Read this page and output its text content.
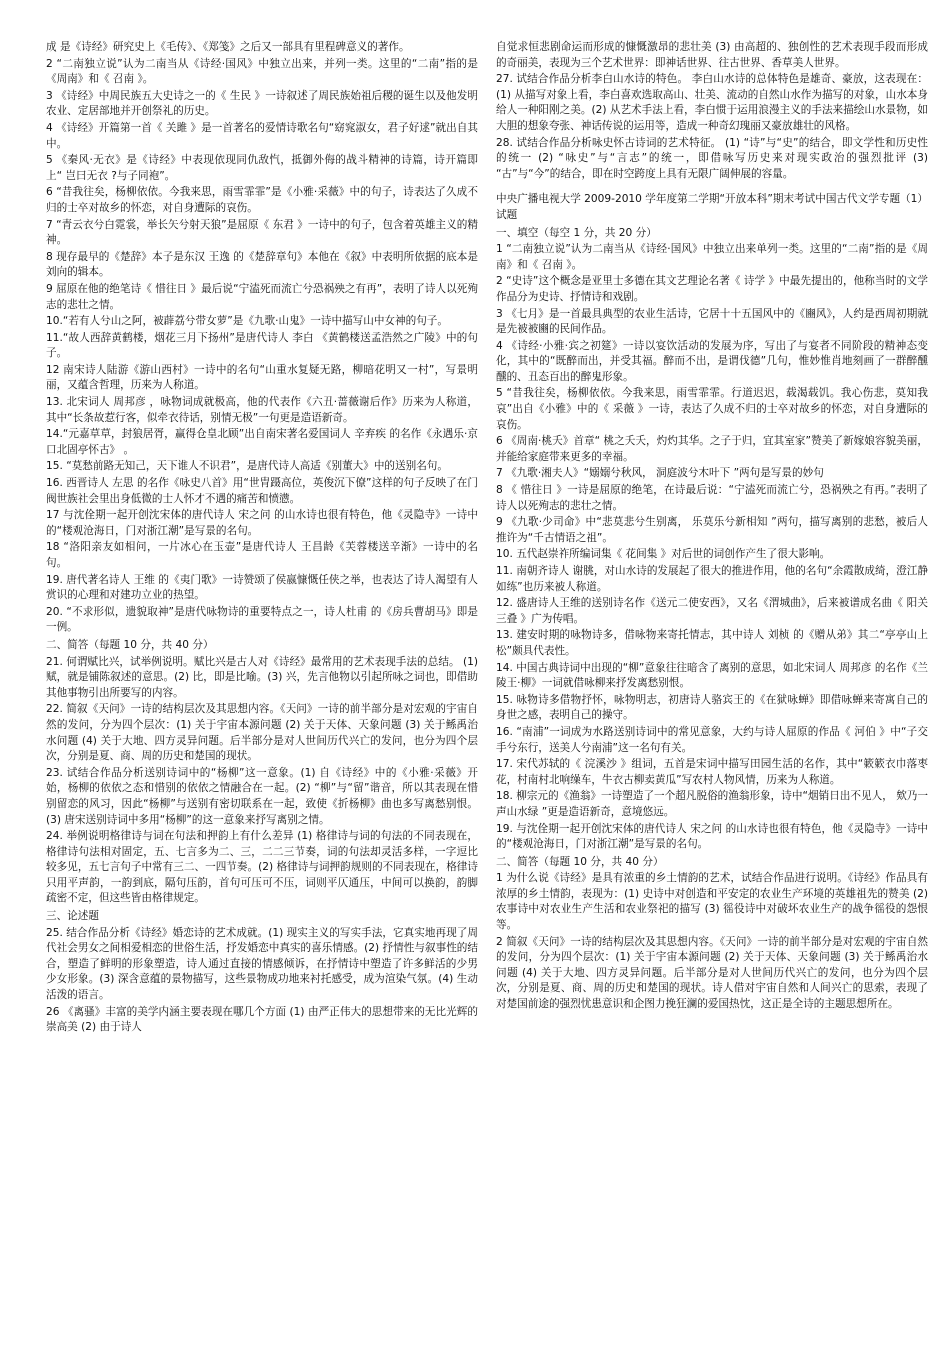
成 是《诗经》研究史上《毛传》、《郑笺》之后又一部具有里程碑意义的著作。

2 “二南独立说”认为二南当从《诗经·国风》中独立出来，并列一类。这里的“二南”指的是《周南》和《 召南 》。

3 《诗经》中周民族五大史诗之一的《 生民 》一诗叙述了周民族始祖后稷的诞生以及他发明农业、定居部地并开创祭礼的历史。

4 《诗经》开篇第一首《 关雎 》是一首著名的爱情诗歌名句“窈窕淑女，君子好逑”就出自其中。

5 《秦风·无衣》是《诗经》中表现依现同仇敌忾，抵御外侮的战斗精神的诗篇，诗开篇即上“ 岂曰无衣 ?与子同袍”。

6 “昔我往矣，杨柳依依。今我来思，雨雪霏霏”是《小雅·采薇》中的句子，诗表达了久成不归的士卒对故乡的怀恋，对自身遭际的哀伤。

7 “青云衣兮白霓裳，举长矢兮射天狼”是屈原《 东君 》一诗中的句子，包含着英雄主义的精神。

8 现存最早的《楚辞》本子是东汉 王逸 的《楚辞章句》本他在《叙》中表明所依据的底本是刘向的辑本。

9 屈原在他的绝笔诗《 惜往日 》最后说“宁溘死而流亡兮恐祸殃之有再”，表明了诗人以死殉志的悲壮之情。

10.“若有人兮山之阿，被薜荔兮带女萝”是《九歌·山鬼》一诗中描写山中女神的句子。

11.“故人西辞黄鹤楼，烟花三月下扬州”是唐代诗人 李白 《黄鹤楼送孟浩然之广陵》中的句子。

12 南宋诗人陆游《游山西村》一诗中的名句“山重水复疑无路，柳暗花明又一村”，写景明丽，又蕴含哲理，历来为人称道。

13. 北宋词人 周邦彦 ，咏物词成就极高，他的代表作《六丑·蔷薇谢后作》历来为人称道，其中“长条故惹行客，似牵衣待话，别情无极”一句更是造语新奇。

14.“元嘉草草，封狼居胥，赢得仓皇北顾”出自南宋著名爱国词人 辛弃疾 的名作《永遇乐·京口北固亭怀古》 。

15. “莫愁前路无知己，天下谁人不识君”，是唐代诗人高适《别董大》中的送别名句。

16. 西晋诗人 左思 的名作《咏史八首》用“世胄蹑高位，英俊沉下僚”这样的句子反映了在门阀世族社会里出身低微的士人怀才不遇的痛苦和愤懑。

17 与沈佺期一起开创沈宋体的唐代诗人 宋之问 的山水诗也很有特色，他《灵隐寺》一诗中的“楼观沧海日，门对浙江潮”是写景的名句。

18 “洛阳亲友如相问，一片冰心在玉壶”是唐代诗人 王昌龄《芙蓉楼送辛渐》一诗中的名句。

19. 唐代著名诗人 王维 的《夷门歌》一诗赞颂了侯嬴慷慨任侠之举，也表达了诗人渴望有人赏识的心理和对建功立业的热望。

20. “不求形似，遗貌取神”是唐代咏物诗的重要特点之一，诗人杜甫 的《房兵曹胡马》即是一例。

二、简答（每题 10 分，共 40 分）

21. 何谓赋比兴，试举例说明。赋比兴是古人对《诗经》最常用的艺术表现手法的总结。 (1) 赋，就是铺陈叙述的意思。(2) 比，即是比喻。(3) 兴，先言他物以引起所咏之词也，即借助其他事物引出所要写的内容。

22. 简叙《天问》一诗的结构层次及其思想内容。《天问》一诗的前半部分是对宏观的宇宙自然的发问，分为四个层次：(1) 关于宇宙本源问题 (2) 关于天体、天象问题 (3) 关于鲧禹治水问题 (4) 关于大地、四方灵异问题。后半部分是对人世间历代兴亡的发问，也分为四个层次，分别是夏、商、周的历史和楚国的现状。

23. 试结合作品分析送别诗词中的“杨柳”这一意象。(1) 自《诗经》中的《小雅·采薇》开始，杨柳的依依之态和惜别的依依之情融合在一起。(2) “柳”与“留”谐音，所以其表现在惜别留恋的风习，因此“杨柳”与送别有密切联系在一起，致使《折杨柳》曲也多写离愁别恨。(3) 唐宋送别诗词中多用“杨柳”的这一意象来抒写离别之情。

24. 举例说明格律诗与词在句法和押韵上有什么差异 (1) 格律诗与词的句法的不同表现在，格律诗句法相对固定，五、七言多为二、三，二二三节奏，词的句法却灵活多样，一字逗比较多见，五七言句子中常有三二、一四节奏。(2) 格律诗与词押韵规则的不同表现在，格律诗只用平声韵，一韵到底，隔句压韵，首句可压可不压，词则平仄通压，中间可以换韵，韵脚疏密不定，但这些皆由格律规定。

三、论述题

25. 结合作品分析《诗经》婚恋诗的艺术成就。(1) 现实主义的写实手法，它真实地再现了周代社会男女之间相爱相恋的世俗生活，抒发婚恋中真实的喜乐情感。(2) 抒情性与叙事性的结合，塑造了鲜明的形象塑造，诗人通过直接的情感倾诉，在抒情诗中塑造了许多鲜活的少男少女形象。(3) 深含意蕴的景物描写，这些景物成功地来衬托感受，成为渲染气氛。(4) 生动活泼的语言。

26 《离骚》丰富的美学内涵主要表现在哪几个方面 (1) 由严正伟大的思想带来的无比光辉的崇高美 (2) 由于诗人

自觉求恒悲剧命运而形成的慷慨激昂的悲壮美 (3) 由高超的、独创性的艺术表现手段而形成的奇丽美，表现为三个艺术世界：即神话世界、往古世界、香草美人世界。

27. 试结合作品分析李白山水诗的特色。 李白山水诗的总体特色是雄奇、豪放，这表现在：(1) 从描写对象上看，李白喜欢选取高山、壮美、流动的自然山水作为描写的对象，山水本身给人一种阳刚之美。(2) 从艺术手法上看，李白惯于运用浪漫主义的手法来描绘山水景物，如大胆的想象夸张、神话传说的运用等，造成一种奇幻瑰丽又豪放雄壮的风格。

28. 试结合作品分析咏史怀古诗词的艺术特征。 (1) “诗”与“史”的结合，即文学性和历史性的统一 (2) “咏史”与“言志”的统一，即借咏写历史来对现实政治的强烈批评 (3) “古”与“今”的结合，即在时空跨度上具有无限广阔伸展的容量。

中央广播电视大学 2009-2010 学年度第二学期“开放本科”期末考试中国古代文学专题（1） 试题

一、填空（每空 1 分，共 20 分）

1 “二南独立说”认为二南当从《诗经·国风》中独立出来单列一类。这里的“二南”指的是《周南》和《 召南 》。

2 “史诗”这个概念是亚里士多德在其文艺理论名著《 诗学 》中最先提出的，他称当时的文学作品分为史诗、抒情诗和戏剧。

3 《七月》是一首最具典型的农业生活诗，它居十十五国风中的《豳风》，人约是西周初期就是先被被豳的民间作品。

4 《诗经·小雅·宾之初筵》一诗以宴饮活动的发展为序，写出了与宴者不同阶段的精神态变化，其中的“既醉而出，并受其福。醉而不出，是谓伐德”几句，惟妙惟肖地刻画了一群醉醺醺的、丑态百出的醉鬼形象。

5 “昔我往矣，杨柳依依。今我来思，雨雪霏霏。行道迟迟，载渴载饥。我心伤悲，莫知我哀”出自《小雅》中的《 采薇 》一诗，表达了久成不归的士卒对故乡的怀恋，对自身遭际的哀伤。

6 《周南·桃夭》首章“ 桃之夭夭，灼灼其华。之子于归，宜其室家”赞美了新嫁娘容貌美丽，并能给家庭带来更多的幸福。

7 《九歌·湘夫人》“嫋嫋兮秋风， 洞庭波兮木叶下 ”两句是写景的妙句

8 《 惜往日 》一诗是屈原的绝笔，在诗最后说：“宁溘死而流亡兮，恐祸殃之有再。”表明了诗人以死殉志的悲壮之情。

9 《九歌·少司命》中“悲莫悲兮生别离， 乐莫乐兮新相知 ”两句，描写离别的悲愁，被后人推许为“千古情语之祖”。

10. 五代赵崇祚所编词集《 花间集 》对后世的词创作产生了很大影响。

11. 南朝齐诗人 谢朓，对山水诗的发展起了很大的推进作用，他的名句“余霞散成绮，澄江静如练”也历来被人称道。

12. 盛唐诗人王维的送别诗名作《送元二使安西》，又名《渭城曲》，后来被谱成名曲《 阳关三叠 》广为传唱。

13. 建安时期的咏物诗多，借咏物来寄托情志，其中诗人 刘桢 的《赠从弟》其二“亭亭山上松”颇具代表性。

14. 中国古典诗词中出现的“柳”意象往往暗含了离别的意思，如北宋词人 周邦彦 的名作《兰陵王·柳》一词就借咏柳来抒发离愁别恨。

15. 咏物诗多借物抒怀，咏物明志，初唐诗人骆宾王的《在狱咏蝉》即借咏蝉来寄寓自己的身世之感，表明自己的操守。

16. “南浦”一词成为水路送别诗词中的常见意象，大约与诗人屈原的作品《 河伯 》中“子交手兮东行，送美人兮南浦”这一名句有关。

17. 宋代苏轼的《 浣溪沙 》组词，五首是宋词中描写田园生活的名作，其中“簌簌衣巾落枣花，村南村北响缲车，牛衣古柳卖黄瓜”写农村人物风情，历来为人称道。

18. 柳宗元的《渔翁》一诗塑造了一个超凡脱俗的渔翁形象，诗中“烟销日出不见人， 欸乃一声山水绿 ”更是造语新奇，意境悠远。

19. 与沈佺期一起开创沈宋体的唐代诗人 宋之问 的山水诗也很有特色，他《灵隐寺》一诗中的“楼观沧海日，门对浙江潮”是写景的名句。

二、简答（每题 10 分，共 40 分）

1 为什么说《诗经》是具有浓重的乡土情韵的艺术，试结合作品进行说明。《诗经》作品具有浓厚的乡土情韵，表现为：(1) 史诗中对创造和平安定的农业生产环境的英雄祖先的赞美 (2) 农事诗中对农业生产生活和农业祭祀的描写 (3) 徭役诗中对破坏农业生产的战争徭役的怨恨等。

2 简叙《天问》一诗的结构层次及其思想内容。《天问》一诗的前半部分是对宏观的宇宙自然的发问，分为四个层次：(1) 关于宇宙本源问题 (2) 关于天体、天象问题 (3) 关于鲧禹治水问题 (4) 关于大地、四方灵异问题。后半部分是对人世间历代兴亡的发问，也分为四个层次，分别是夏、商、周的历史和楚国的现状。诗人借对宇宙自然和人间兴亡的思索，表现了对楚国前途的强烈忧患意识和企图力挽狂澜的爱国热忱，这正是全诗的主题思想所在。
